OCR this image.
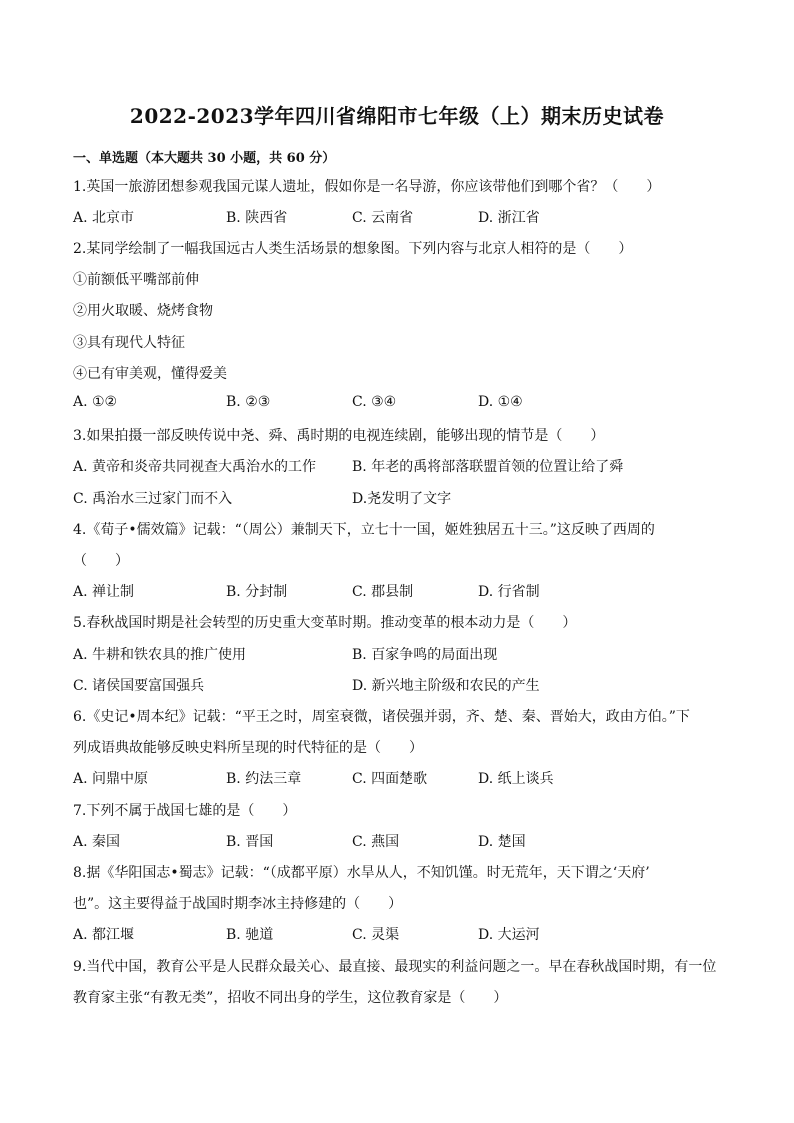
2022-2023学年四川省绵阳市七年级（上）期末历史试卷
一、单选题（本大题共 30 小题，共 60 分）
1.英国一旅游团想参观我国元谋人遗址，假如你是一名导游，你应该带他们到哪个省？（　　）
A. 北京市	B. 陕西省	C. 云南省	D. 浙江省
2.某同学绘制了一幅我国远古人类生活场景的想象图。下列内容与北京人相符的是（　　）
①前额低平嘴部前伸
②用火取暖、烧烤食物
③具有现代人特征
④已有审美观，懂得爱美
A. ①②	B. ②③	C. ③④	D. ①④
3.如果拍摄一部反映传说中尧、舜、禹时期的电视连续剧，能够出现的情节是（　　）
A. 黄帝和炎帝共同视查大禹治水的工作	B. 年老的禹将部落联盟首领的位置让给了舜
C. 禹治水三过家门而不入	D.尧发明了文字
4.《荀子•儒效篇》记载：“（周公）兼制天下，立七十一国，姬姓独居五十三。”这反映了西周的
（　　）
A. 禅让制	B. 分封制	C. 郡县制	D. 行省制
5.春秋战国时期是社会转型的历史重大变革时期。推动变革的根本动力是（　　）
A. 牛耕和铁农具的推广使用	B. 百家争鸣的局面出现
C. 诸侯国要富国强兵	D. 新兴地主阶级和农民的产生
6.《史记•周本纪》记载：“平王之时，周室衰微，诸侯强并弱，齐、楚、秦、晋始大，政由方伯。”下
列成语典故能够反映史料所呈现的时代特征的是（　　）
A. 问鼎中原	B. 约法三章	C. 四面楚歌	D. 纸上谈兵
7.下列不属于战国七雄的是（　　）
A. 秦国	B. 晋国	C. 燕国	D. 楚国
8.据《华阳国志•蜀志》记载：“（成都平原）水旱从人，不知饥馑。时无荒年，天下谓之‘天府’
也”。这主要得益于战国时期李冰主持修建的（　　）
A. 都江堰	B. 驰道	C. 灵渠	D. 大运河
9.当代中国，教育公平是人民群众最关心、最直接、最现实的利益问题之一。早在春秋战国时期，有一位
教育家主张“有教无类”，招收不同出身的学生，这位教育家是（　　）
